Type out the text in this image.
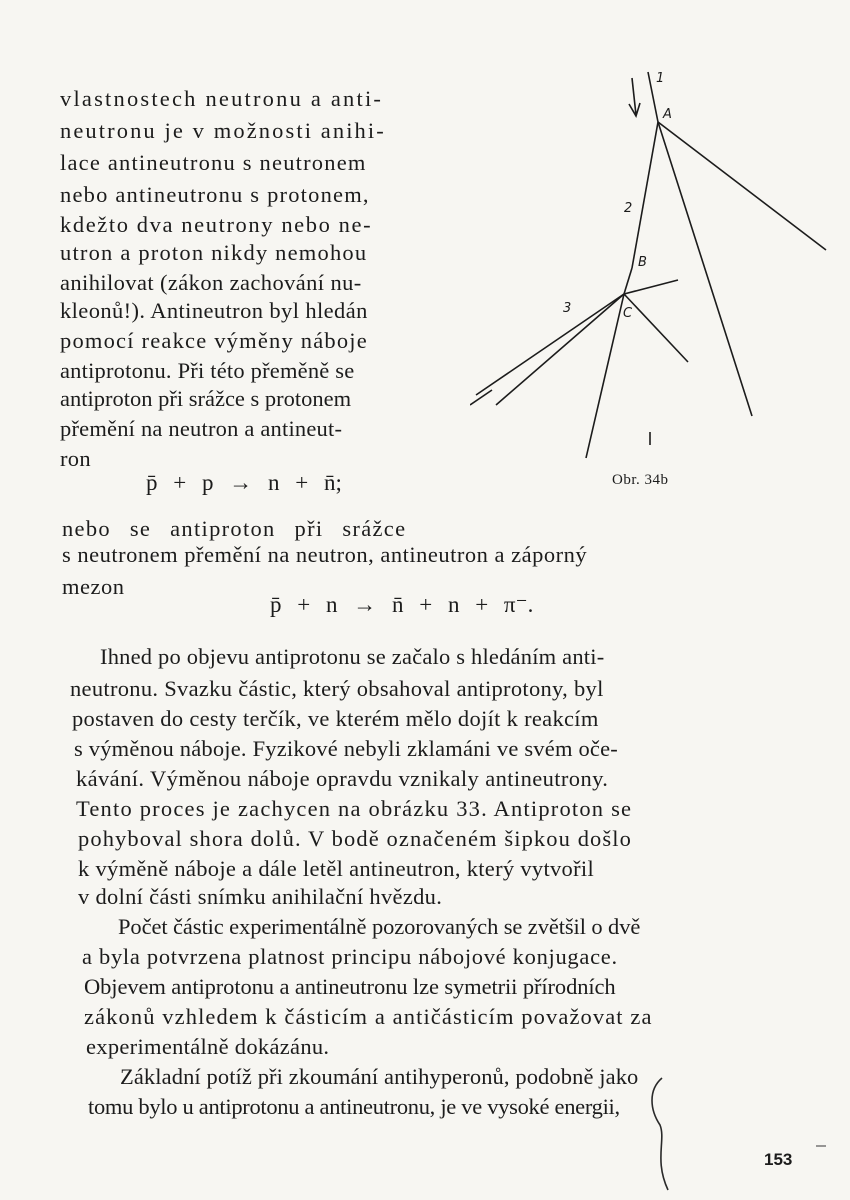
vlastnostech neutronu a anti-

neutronu je v možnosti anihi-

lace antineutronu s neutronem

nebo antineutronu s protonem,

kdežto dva neutrony nebo ne-

utron a proton nikdy nemohou

anihilovat (zákon zachování nu-

kleonů!). Antineutron byl hledán

pomocí reakce výměny náboje

antiprotonu. Při této přeměně se

antiproton při srážce s protonem

přemění na neutron a antineut-

ron

p̄ + p → n + n̄;

nebo se antiproton při srážce

s neutronem přemění na neutron, antineutron a záporný

mezon

p̄ + n → n̄ + n + π⁻.

Ihned po objevu antiprotonu se začalo s hledáním anti-

neutronu. Svazku částic, který obsahoval antiprotony, byl

postaven do cesty terčík, ve kterém mělo dojít k reakcím

s výměnou náboje. Fyzikové nebyli zklamáni ve svém oče-

kávání. Výměnou náboje opravdu vznikaly antineutrony.

Tento proces je zachycen na obrázku 33. Antiproton se

pohyboval shora dolů. V bodě označeném šipkou došlo

k výměně náboje a dále letěl antineutron, který vytvořil

v dolní části snímku anihilační hvězdu.

Počet částic experimentálně pozorovaných se zvětšil o dvě

a byla potvrzena platnost principu nábojové konjugace.

Objevem antiprotonu a antineutronu lze symetrii přírodních

zákonů vzhledem k částicím a antičásticím považovat za

experimentálně dokázánu.

Základní potíž při zkoumání antihyperonů, podobně jako

tomu bylo u antiprotonu a antineutronu, je ve vysoké energii,

153

1
A
2
B
3	C

Obr. 34b
